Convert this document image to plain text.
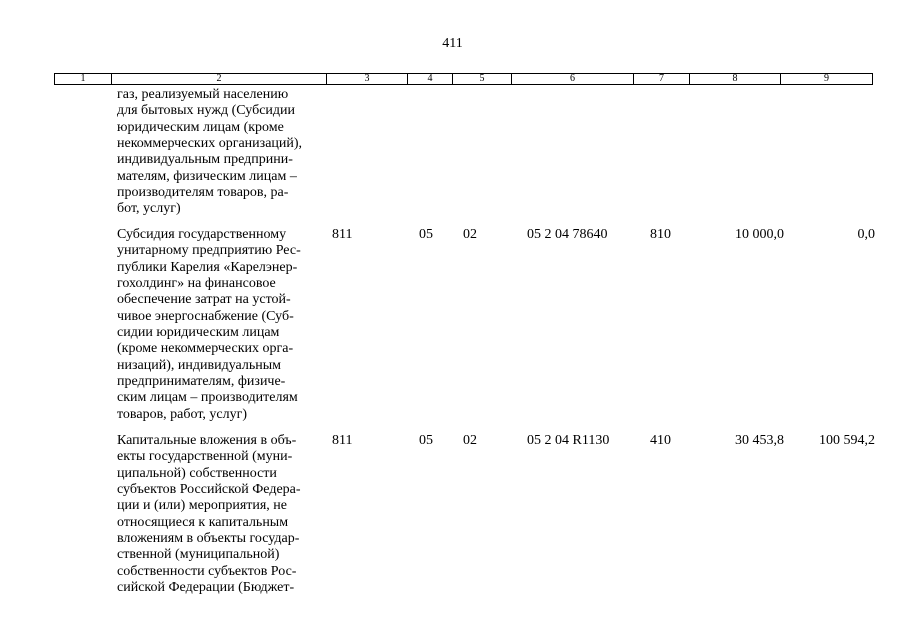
411
1	2	3	4	5	6	7	8	9
газ, реализуемый населению
для бытовых нужд (Субсидии
юридическим лицам (кроме
некоммерческих организаций),
индивидуальным предприни-
мателям, физическим лицам –
производителям товаров, ра-
бот, услуг)
Субсидия государственному
унитарному предприятию Рес-
публики Карелия «Карелэнер-
гохолдинг» на финансовое
обеспечение затрат на устой-
чивое энергоснабжение (Суб-
сидии юридическим лицам
(кроме некоммерческих орга-
низаций), индивидуальным
предпринимателям, физиче-
ским лицам – производителям
товаров, работ, услуг)
811	05 02	05 2 04 78640	810	10 000,0	0,0
Капитальные вложения в объ-
екты государственной (муни-
ципальной) собственности
субъектов Российской Федера-
ции и (или) мероприятия, не
относящиеся к капитальным
вложениям в объекты государ-
ственной (муниципальной)
собственности субъектов Рос-
сийской Федерации (Бюджет-
811	05 02	05 2 04 R1130	410	30 453,8	100 594,2
